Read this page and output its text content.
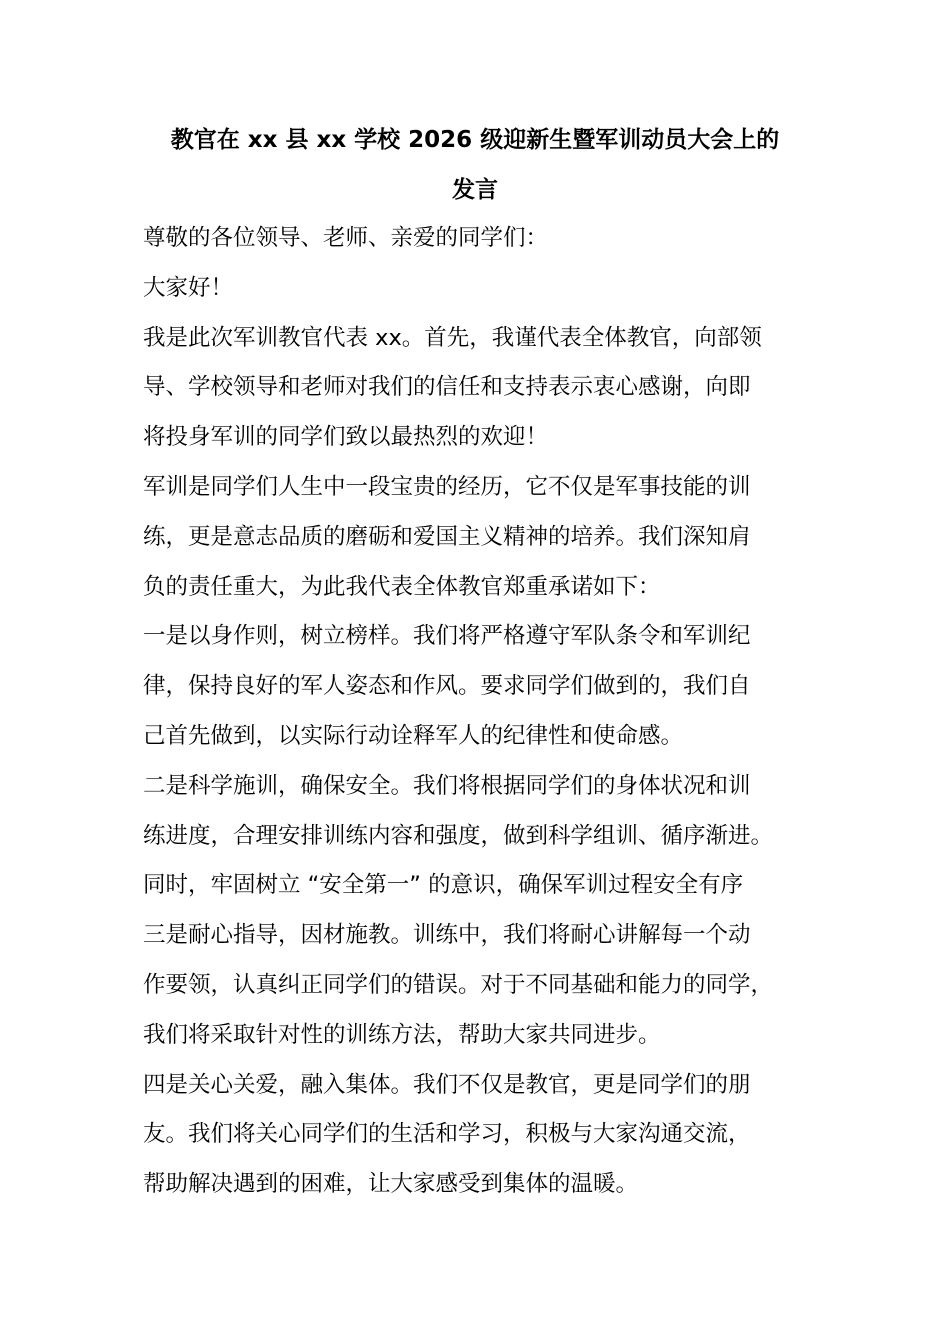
教官在 xx 县 xx 学校 2026 级迎新生暨军训动员大会上的
发言

尊敬的各位领导、老师、亲爱的同学们：

大家好！

我是此次军训教官代表 xx。首先，我谨代表全体教官，向部领

导、学校领导和老师对我们的信任和支持表示衷心感谢，向即

将投身军训的同学们致以最热烈的欢迎！

军训是同学们人生中一段宝贵的经历，它不仅是军事技能的训

练，更是意志品质的磨砺和爱国主义精神的培养。我们深知肩

负的责任重大，为此我代表全体教官郑重承诺如下：

一是以身作则，树立榜样。我们将严格遵守军队条令和军训纪

律，保持良好的军人姿态和作风。要求同学们做到的，我们自

己首先做到，以实际行动诠释军人的纪律性和使命感。

二是科学施训，确保安全。我们将根据同学们的身体状况和训

练进度，合理安排训练内容和强度，做到科学组训、循序渐进。

同时，牢固树立 “安全第一” 的意识，确保军训过程安全有序

三是耐心指导，因材施教。训练中，我们将耐心讲解每一个动

作要领，认真纠正同学们的错误。对于不同基础和能力的同学，

我们将采取针对性的训练方法，帮助大家共同进步。

四是关心关爱，融入集体。我们不仅是教官，更是同学们的朋

友。我们将关心同学们的生活和学习，积极与大家沟通交流，

帮助解决遇到的困难，让大家感受到集体的温暖。
